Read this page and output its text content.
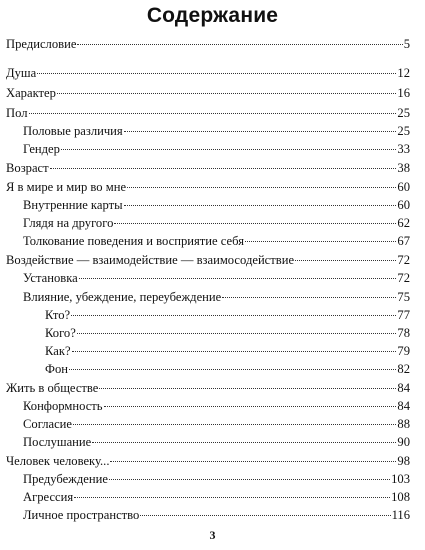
Содержание
Предисловие	5
Душа	12
Характер	16
Пол	25
Половые различия	25
Гендер	33
Возраст	38
Я в мире и мир во мне	60
Внутренние карты	60
Глядя на другого	62
Толкование поведения и восприятие себя	67
Воздействие — взаимодействие — взаимосодействие	72
Установка	72
Влияние, убеждение, переубеждение	75
Кто?	77
Кого?	78
Как?	79
Фон	82
Жить в обществе	84
Конформность	84
Согласие	88
Послушание	90
Человек человеку...	98
Предубеждение	103
Агрессия	108
Личное пространство	116
3
